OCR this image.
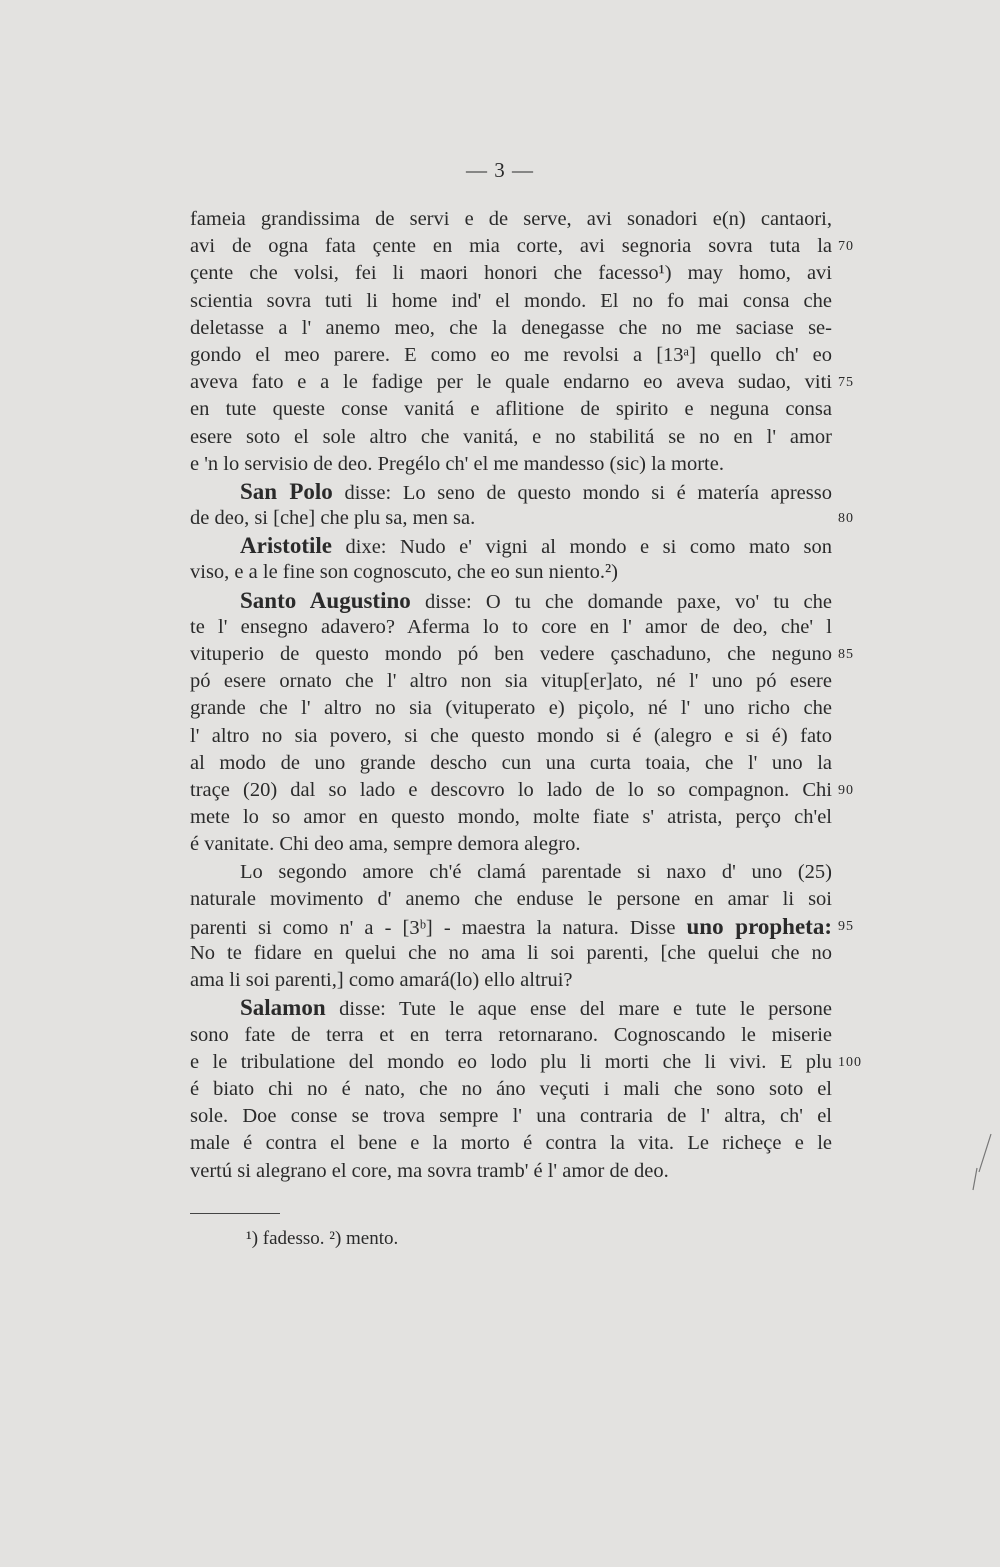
— 3 —
fameia grandissima de servi e de serve, avi sonadori e(n) cantaori,
avi de ogna fata çente en mia corte, avi segnoria sovra tuta la 70
çente che volsi, fei li maori honori che facesso¹) may homo, avi
scientia sovra tuti li home ind' el mondo. El no fo mai consa che
deletasse a l' anemo meo, che la denegasse che no me saciase se-
gondo el meo parere. E como eo me revolsi a [13ᵃ] quello ch' eo
aveva fato e a le fadige per le quale endarno eo aveva sudao, viti 75
en tute queste conse vanitá e aflitione de spirito e neguna consa
esere soto el sole altro che vanitá, e no stabilitá se no en l' amor
e 'n lo servisio de deo. Pregélo ch' el me mandesso (sic) la morte.
San Polo disse: Lo seno de questo mondo si é matería apresso
de deo, si [che] che plu sa, men sa.	80
Aristotile dixe: Nudo e' vigni al mondo e si como mato son
viso, e a le fine son cognoscuto, che eo sun niento.²)
Santo Augustino disse: O tu che domande paxe, vo' tu che
te l' ensegno adavero? Aferma lo to core en l' amor de deo, che' l
vituperio de questo mondo pó ben vedere çaschaduno, che neguno 85
pó esere ornato che l' altro non sia vitup[er]ato, né l' uno pó esere
grande che l' altro no sia (vituperato e) piçolo, né l' uno richo che
l' altro no sia povero, si che questo mondo si é (alegro e si é) fato
al modo de uno grande descho cun una curta toaia, che l' uno la
traçe (20) dal so lado e descovro lo lado de lo so compagnon. Chi 90
mete lo so amor en questo mondo, molte fiate s' atrista, perço ch'el
é vanitate. Chi deo ama, sempre demora alegro.
Lo segondo amore ch'é clamá parentade si naxo d' uno (25)
naturale movimento d' anemo che enduse le persone en amar li soi
parenti si como n' a - [3ᵇ] - maestra la natura. Disse uno propheta: 95
No te fidare en quelui che no ama li soi parenti, [che quelui che no
ama li soi parenti,] como amará(lo) ello altrui?
Salamon disse: Tute le aque ense del mare e tute le persone
sono fate de terra et en terra retornarano. Cognoscando le miserie
e le tribulatione del mondo eo lodo plu li morti che li vivi. E plu 100
é biato chi no é nato, che no áno veçuti i mali che sono soto el
sole. Doe conse se trova sempre l' una contraria de l' altra, ch' el
male é contra el bene e la morto é contra la vita. Le richeçe e le
vertú si alegrano el core, ma sovra tramb' é l' amor de deo.
¹) fadesso. ²) mento.
